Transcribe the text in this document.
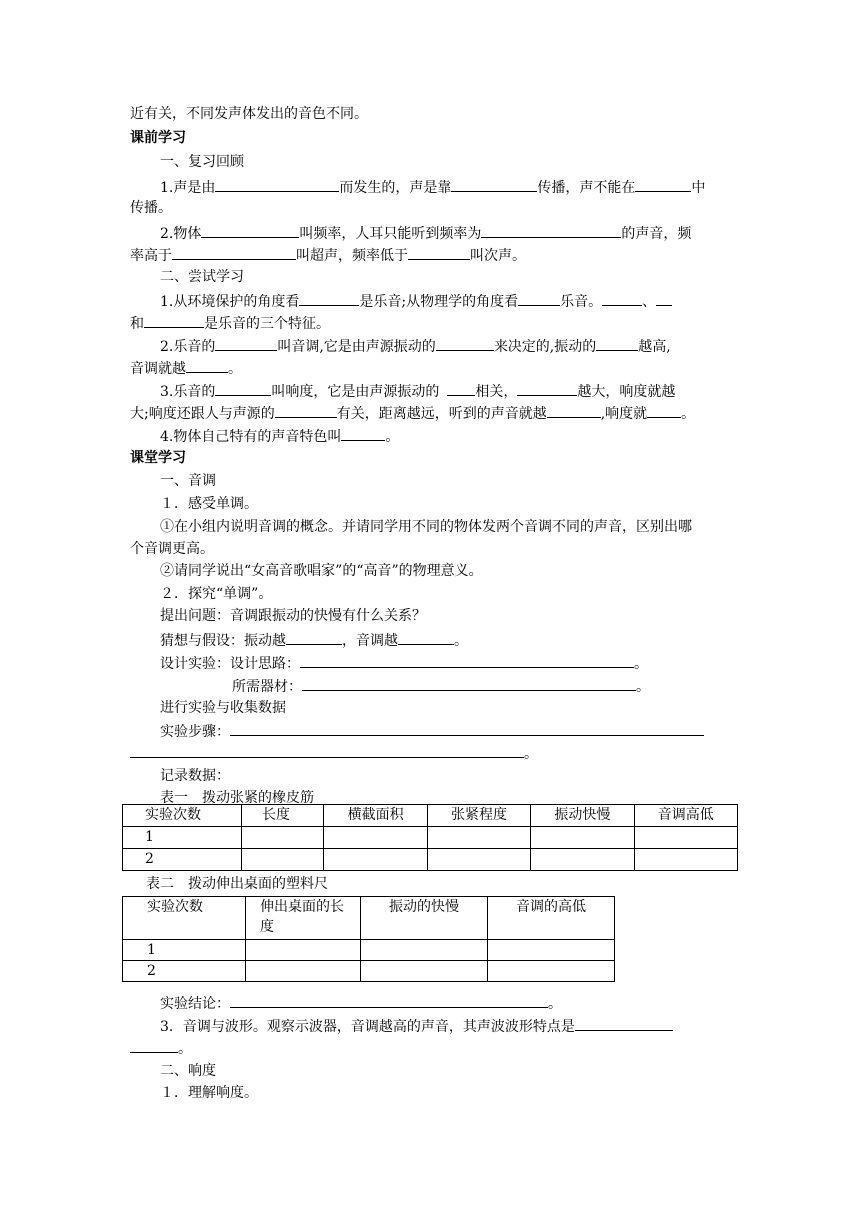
近有关，不同发声体发出的音色不同。
课前学习
一、复习回顾
1.声是由	而发生的，声是靠	传播，声不能在	中
传播。
2.物体	叫频率，人耳只能听到频率为	的声音，频
率高于	叫超声，频率低于	叫次声。
二、尝试学习
1.从环境保护的角度看	是乐音;从物理学的角度看	乐音。	、
和	是乐音的三个特征。
2.乐音的	叫音调,它是由声源振动的	来决定的,振动的	越高,
音调就越	。
3.乐音的	叫响度，它是由声源振动的	相关，	越大，响度就越
大;响度还跟人与声源的	有关，距离越远，听到的声音就越	,响度就 。
4.物体自己特有的声音特色叫	。
课堂学习
一、音调
１．感受单调。
①在小组内说明音调的概念。并请同学用不同的物体发两个音调不同的声音，区别出哪
个音调更高。
②请同学说出“女高音歌唱家”的“高音”的物理意义。
２．探究“单调”。
提出问题：音调跟振动的快慢有什么关系？
猜想与假设：振动越	，音调越	。
设计实验：设计思路：	。
所需器材：	。
进行实验与收集数据
实验步骤：
。
记录数据：
表一　拨动张紧的橡皮筋
实验次数	长度	横截面积	张紧程度	振动快慢	音调高低
1					
2					
表二　拨动伸出桌面的塑料尺
实验次数	伸出桌面的长度	振动的快慢	音调的高低
1			
2			
实验结论：	。
3．音调与波形。观察示波器，音调越高的声音，其声波波形特点是
。
二、响度
１．理解响度。
